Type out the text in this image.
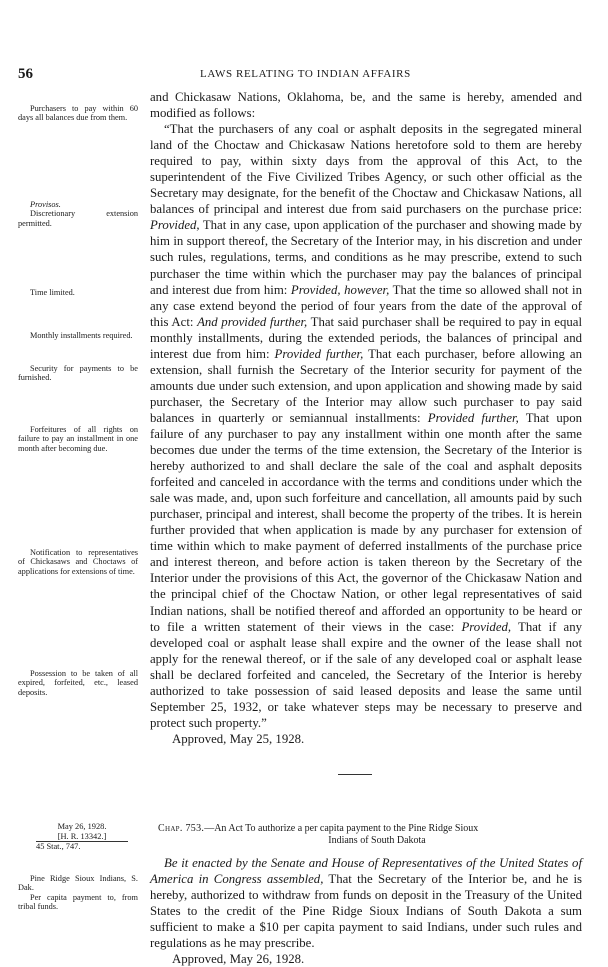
56	LAWS RELATING TO INDIAN AFFAIRS
Purchasers to pay within 60 days all balances due from them.
Provisos.
Discretionary extension permitted.
Time limited.
Monthly installments required.
Security for payments to be furnished.
Forfeitures of all rights on failure to pay an installment in one month after becoming due.
Notification to representatives of Chickasaws and Choctaws of applications for extensions of time.
Possession to be taken of all expired, forfeited, etc., leased deposits.

and Chickasaw Nations, Oklahoma, be, and the same is hereby, amended and modified as follows:

“That the purchasers of any coal or asphalt deposits in the segregated mineral land of the Choctaw and Chickasaw Nations heretofore sold to them are hereby required to pay, within sixty days from the approval of this Act, to the superintendent of the Five Civilized Tribes Agency, or such other official as the Secretary may designate, for the benefit of the Choctaw and Chickasaw Nations, all balances of principal and interest due from said purchasers on the purchase price: Provided, That in any case, upon application of the purchaser and showing made by him in support thereof, the Secretary of the Interior may, in his discretion and under such rules, regulations, terms, and conditions as he may prescribe, extend to such purchaser the time within which the purchaser may pay the balances of principal and interest due from him: Provided, however, That the time so allowed shall not in any case extend beyond the period of four years from the date of the approval of this Act: And provided further, That said purchaser shall be required to pay in equal monthly installments, during the extended periods, the balances of principal and interest due from him: Provided further, That each purchaser, before allowing an extension, shall furnish the Secretary of the Interior security for payment of the amounts due under such extension, and upon application and showing made by said purchaser, the Secretary of the Interior may allow such purchaser to pay said balances in quarterly or semiannual installments: Provided further, That upon failure of any purchaser to pay any installment within one month after the same becomes due under the terms of the time extension, the Secretary of the Interior is hereby authorized to and shall declare the sale of the coal and asphalt deposits forfeited and canceled in accordance with the terms and conditions under which the sale was made, and, upon such forfeiture and cancellation, all amounts paid by such purchaser, principal and interest, shall become the property of the tribes. It is herein further provided that when application is made by any purchaser for extension of time within which to make payment of deferred installments of the purchase price and interest thereon, and before action is taken thereon by the Secretary of the Interior under the provisions of this Act, the governor of the Chickasaw Nation and the principal chief of the Choctaw Nation, or other legal representatives of said Indian nations, shall be notified thereof and afforded an opportunity to be heard or to file a written statement of their views in the case: Provided, That if any developed coal or asphalt lease shall expire and the owner of the lease shall not apply for the renewal thereof, or if the sale of any developed coal or asphalt lease shall be declared forfeited and canceled, the Secretary of the Interior is hereby authorized to take possession of said leased deposits and lease the same until September 25, 1932, or take whatever steps may be necessary to preserve and protect such property.”

Approved, May 25, 1928.

May 26, 1928.
[H. R. 13342.]
45 Stat., 747.
Chap. 753.—An Act To authorize a per capita payment to the Pine Ridge Sioux
Indians of South Dakota
Pine Ridge Sioux Indians, S. Dak.
Per capita payment to, from tribal funds.

Be it enacted by the Senate and House of Representatives of the United States of America in Congress assembled, That the Secretary of the Interior be, and he is hereby, authorized to withdraw from funds on deposit in the Treasury of the United States to the credit of the Pine Ridge Sioux Indians of South Dakota a sum sufficient to make a $10 per capita payment to said Indians, under such rules and regulations as he may prescribe.

Approved, May 26, 1928.
